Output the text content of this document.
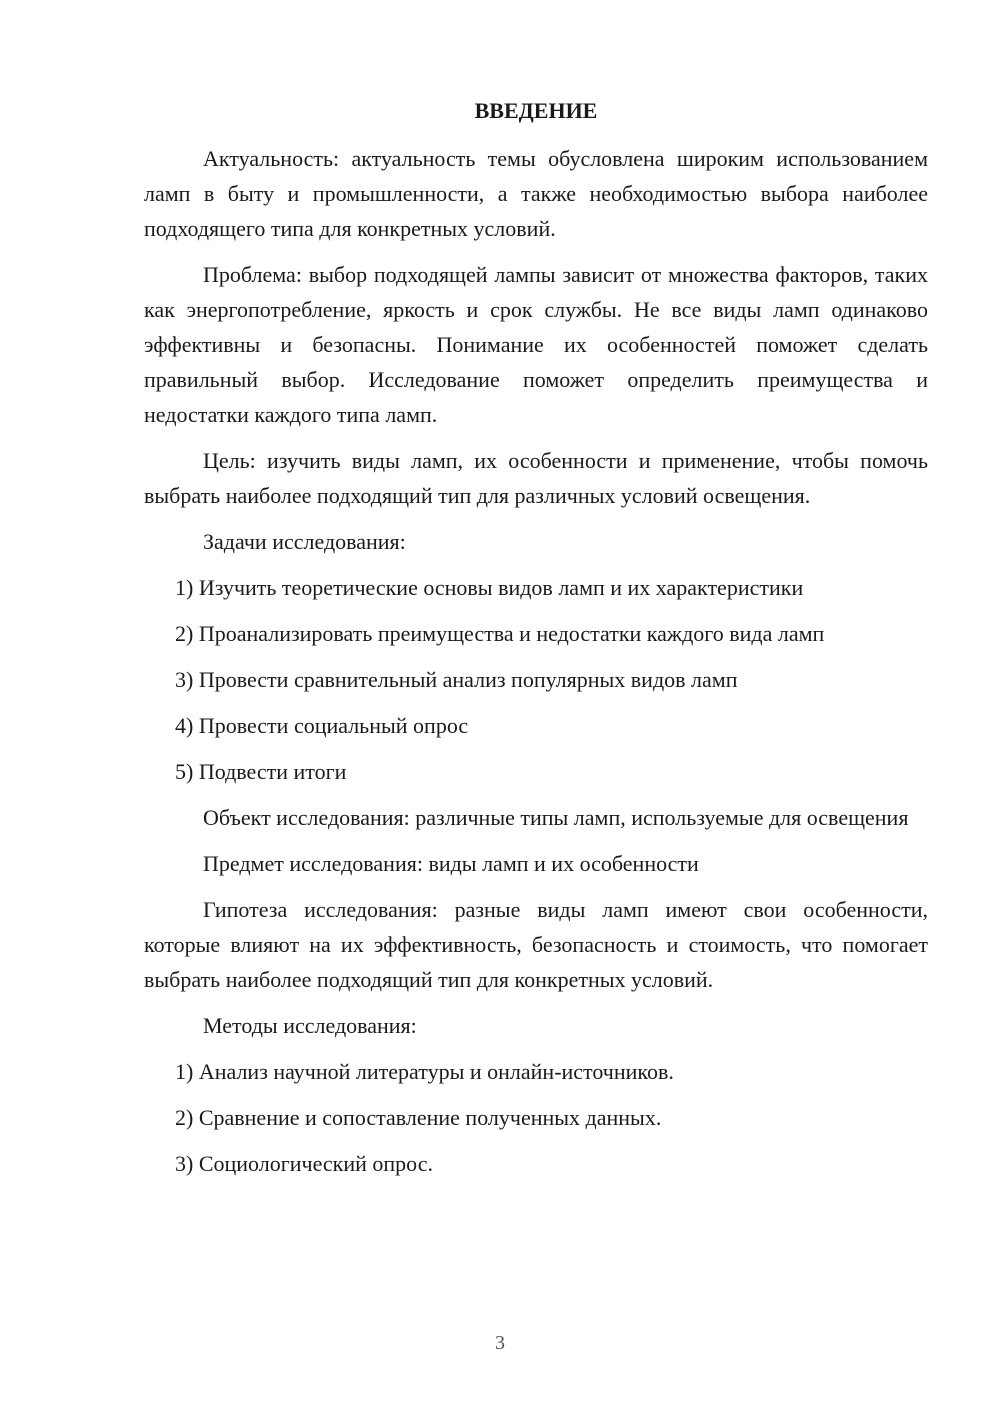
ВВЕДЕНИЕ

Актуальность: актуальность темы обусловлена широким использованием ламп в быту и промышленности, а также необходимостью выбора наиболее подходящего типа для конкретных условий.

Проблема: выбор подходящей лампы зависит от множества факторов, таких как энергопотребление, яркость и срок службы. Не все виды ламп одинаково эффективны и безопасны. Понимание их особенностей поможет сделать правильный выбор. Исследование поможет определить преимущества и недостатки каждого типа ламп.

Цель: изучить виды ламп, их особенности и применение, чтобы помочь выбрать наиболее подходящий тип для различных условий освещения.

Задачи исследования:
1) Изучить теоретические основы видов ламп и их характеристики
2) Проанализировать преимущества и недостатки каждого вида ламп
3) Провести сравнительный анализ популярных видов ламп
4) Провести социальный опрос
5) Подвести итоги

Объект исследования: различные типы ламп, используемые для освещения

Предмет исследования: виды ламп и их особенности

Гипотеза исследования: разные виды ламп имеют свои особенности, которые влияют на их эффективность, безопасность и стоимость, что помогает выбрать наиболее подходящий тип для конкретных условий.

Методы исследования:
1) Анализ научной литературы и онлайн-источников.
2) Сравнение и сопоставление полученных данных.
3) Социологический опрос.
3
